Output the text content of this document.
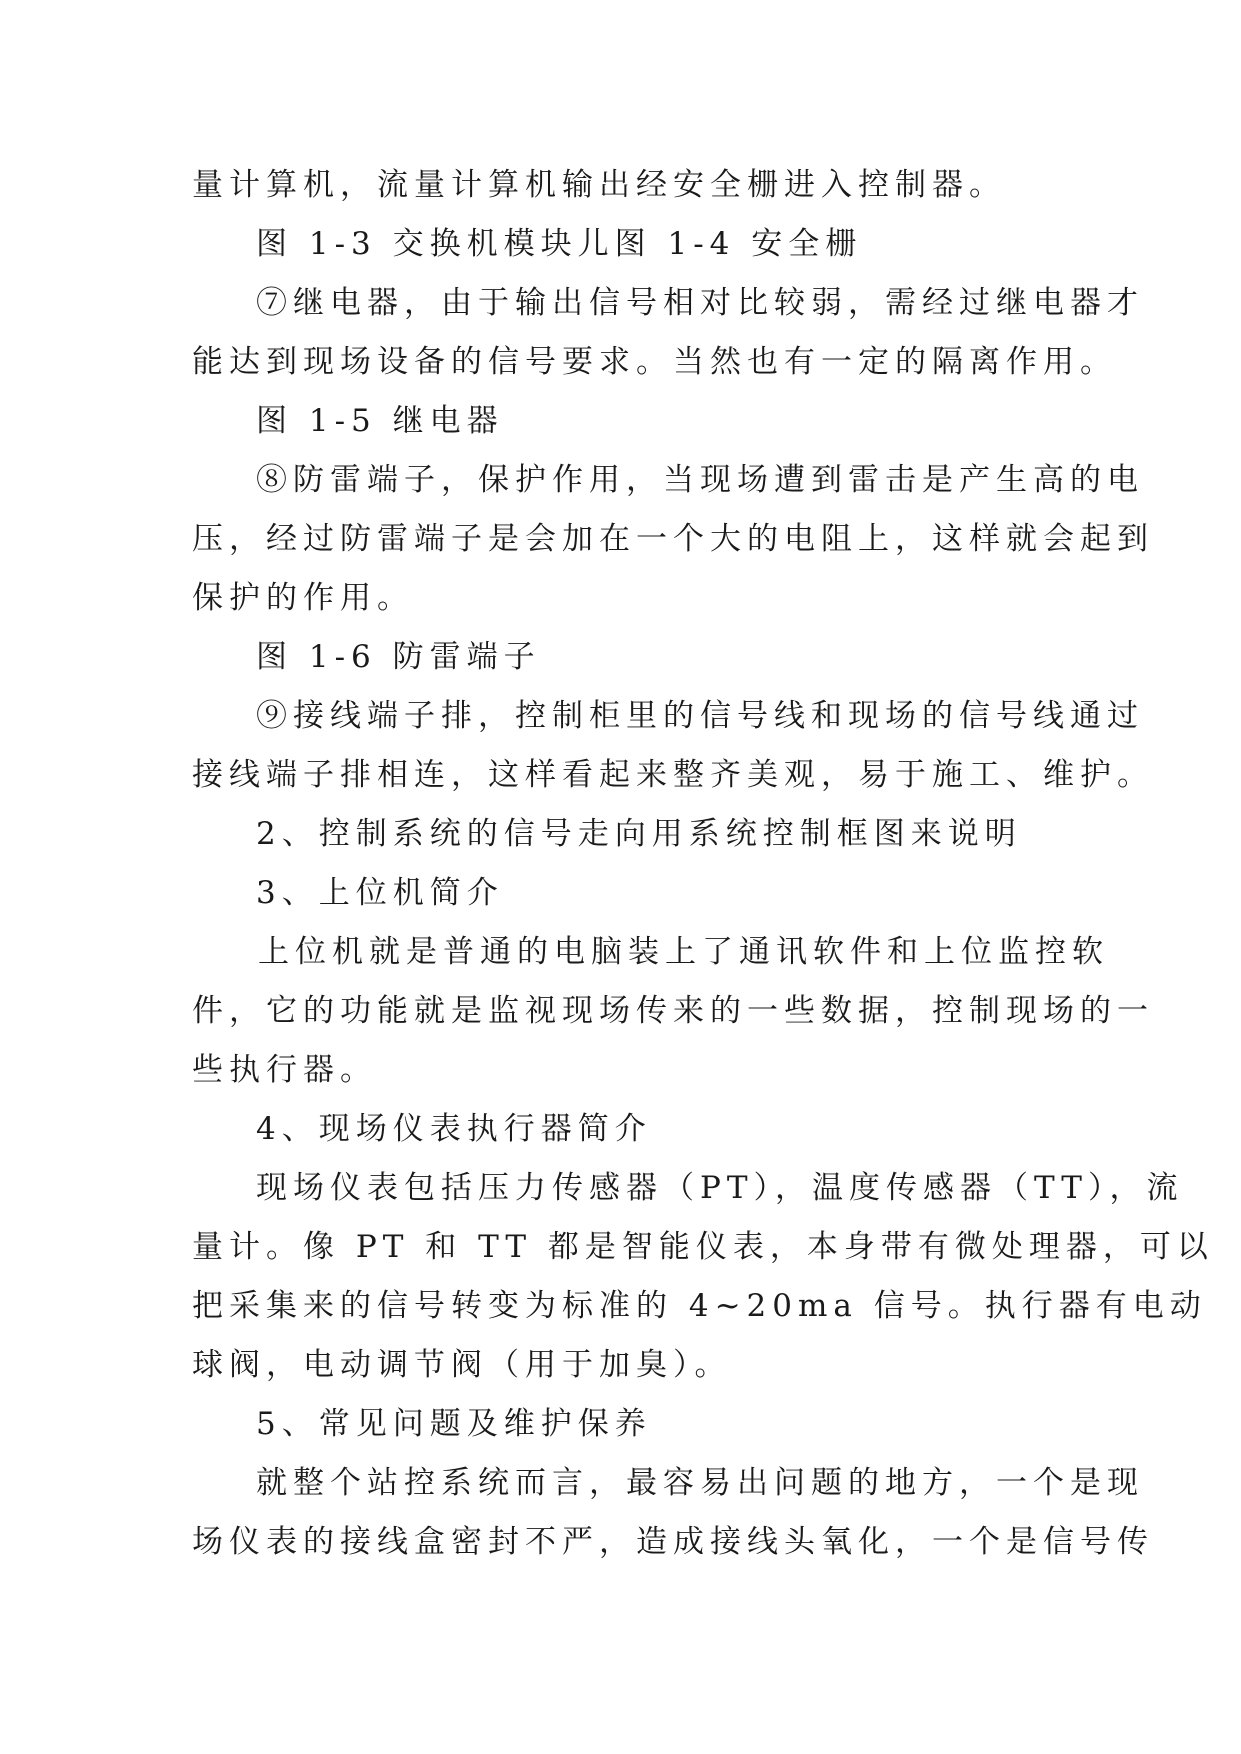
量计算机，流量计算机输出经安全栅进入控制器。
图 1-3 交换机模块儿图 1-4 安全栅
⑦继电器，由于输出信号相对比较弱，需经过继电器才
能达到现场设备的信号要求。当然也有一定的隔离作用。
图 1-5 继电器
⑧防雷端子，保护作用，当现场遭到雷击是产生高的电
压，经过防雷端子是会加在一个大的电阻上，这样就会起到
保护的作用。
图 1-6 防雷端子
⑨接线端子排，控制柜里的信号线和现场的信号线通过
接线端子排相连，这样看起来整齐美观，易于施工、维护。
2、控制系统的信号走向用系统控制框图来说明
3、上位机简介
上位机就是普通的电脑装上了通讯软件和上位监控软
件，它的功能就是监视现场传来的一些数据，控制现场的一
些执行器。
4、现场仪表执行器简介
现场仪表包括压力传感器（PT），温度传感器（TT），流
量计。像 PT 和 TT 都是智能仪表，本身带有微处理器，可以
把采集来的信号转变为标准的 4~20ma 信号。执行器有电动
球阀，电动调节阀（用于加臭）。
5、常见问题及维护保养
就整个站控系统而言，最容易出问题的地方，一个是现
场仪表的接线盒密封不严，造成接线头氧化，一个是信号传
